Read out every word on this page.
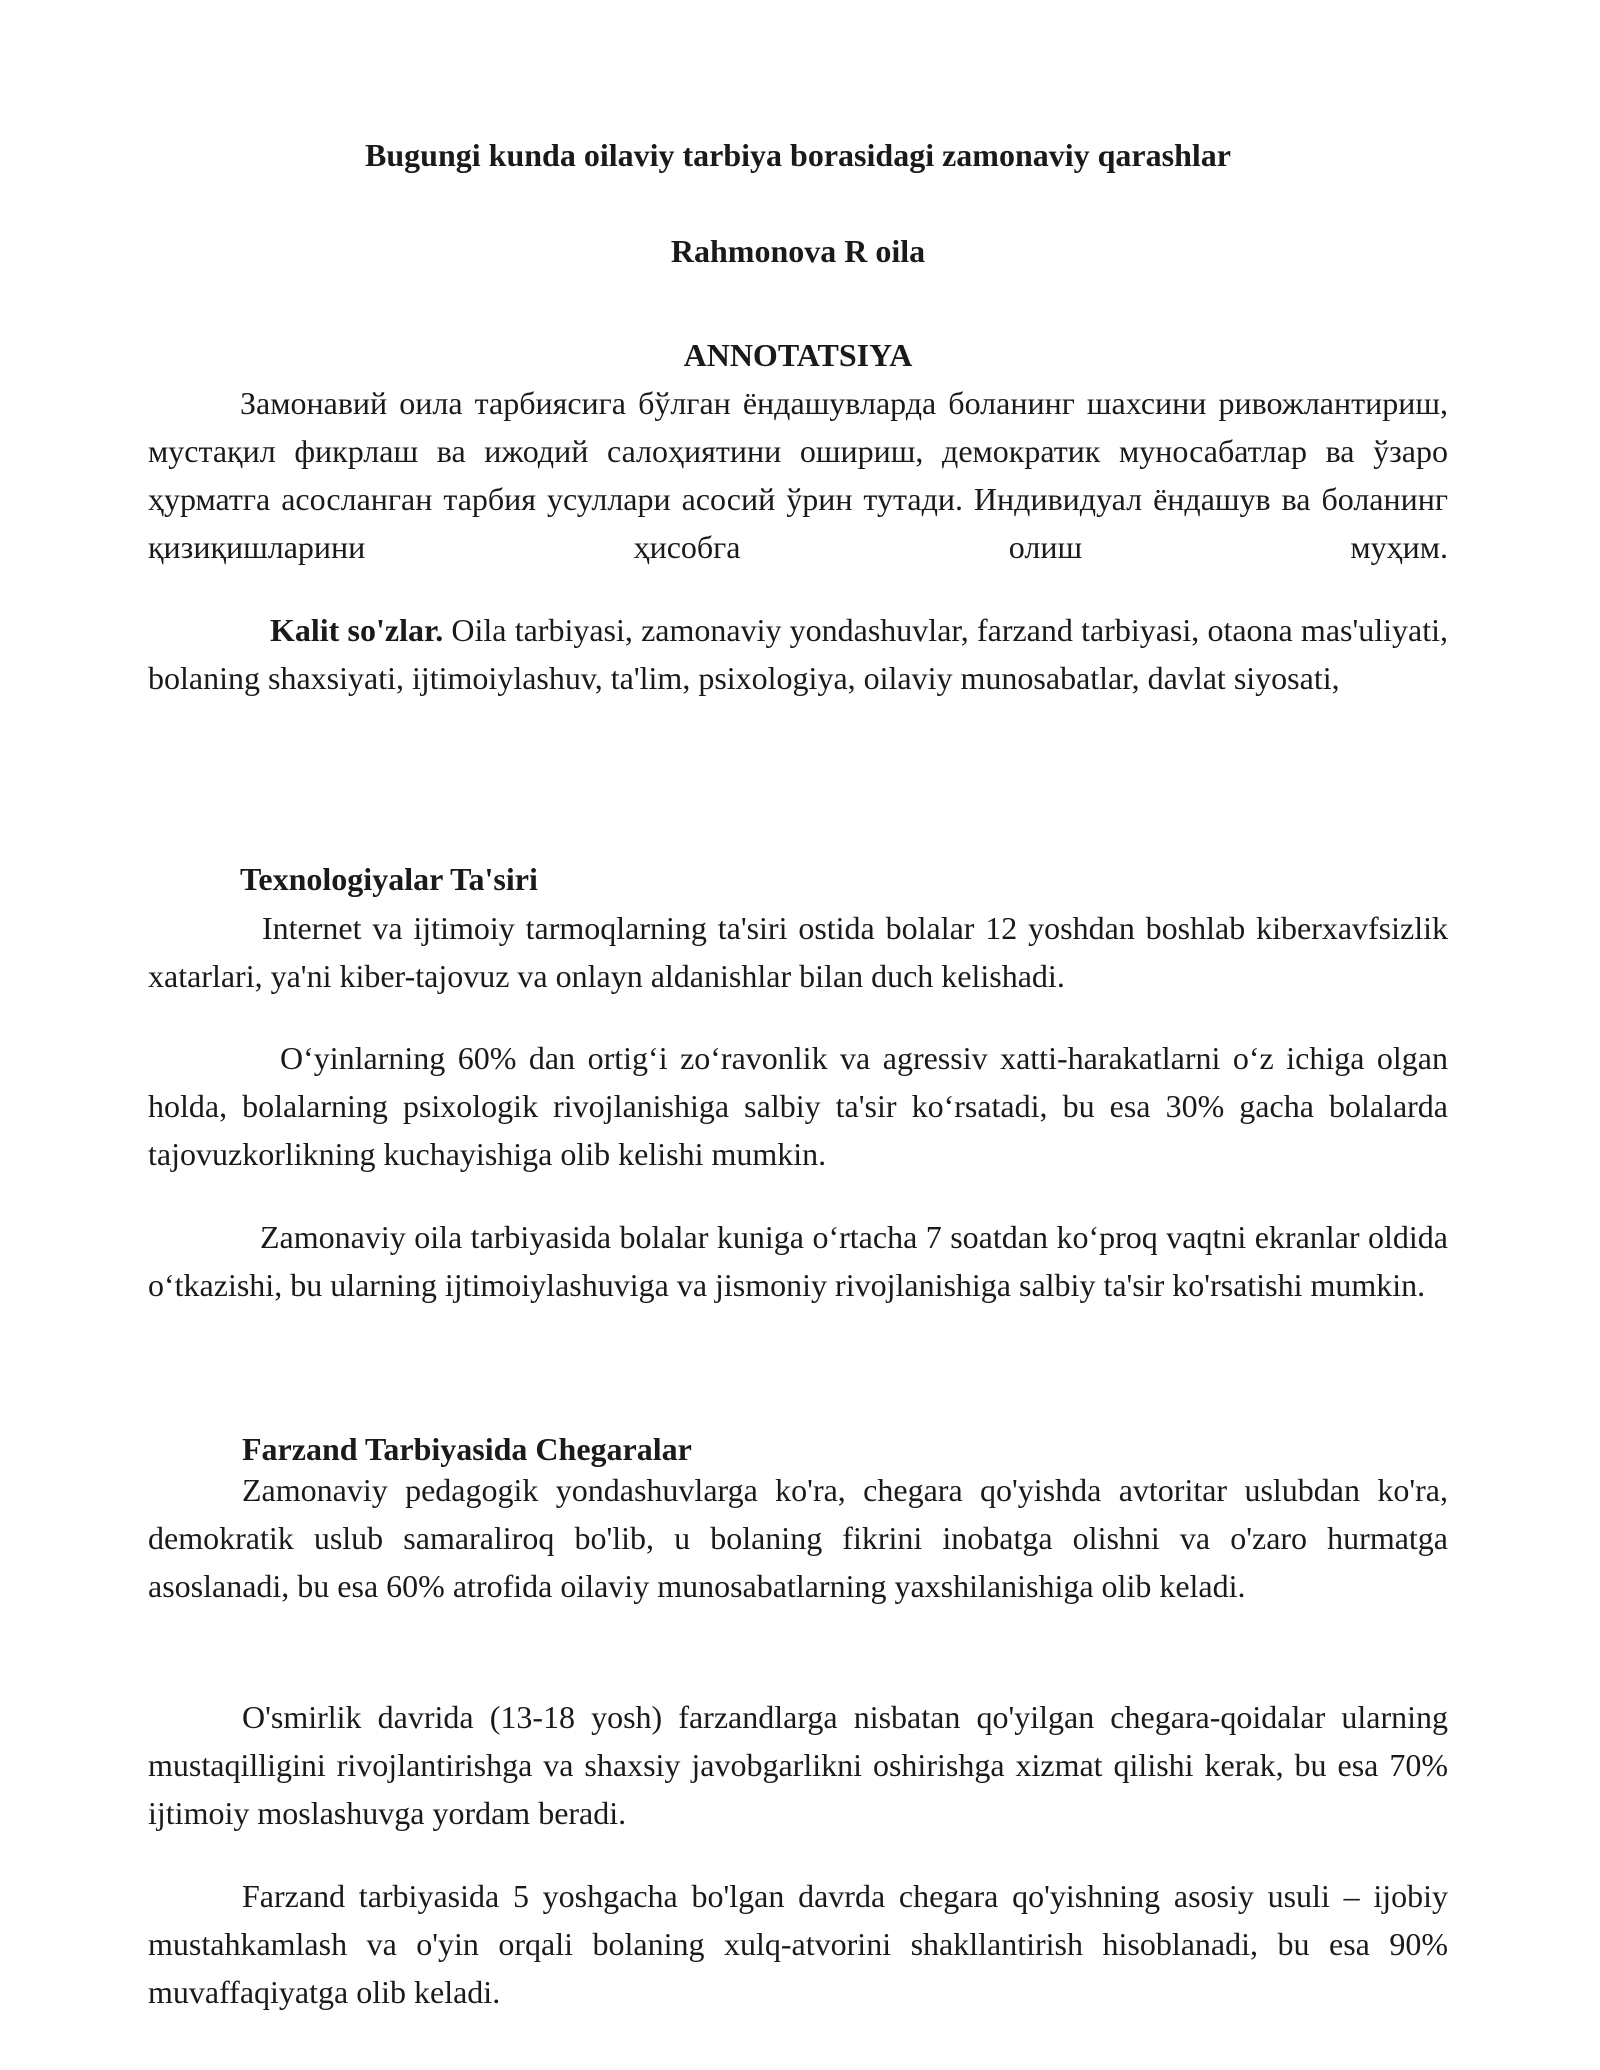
Bugungi kunda oilaviy tarbiya borasidagi zamonaviy qarashlar

Rahmonova R oila

ANNOTATSIYA

Замонавий оила тарбиясига бўлган ёндашувларда боланинг шахсини ривожлантириш, мустақил фикрлаш ва ижодий салоҳиятини ошириш, демократик муносабатлар ва ўзаро ҳурматга асосланган тарбия усуллари асосий ўрин тутади. Индивидуал ёндашув ва боланинг қизиқишларини ҳисобга олиш муҳим.

Kalit so'zlar. Oila tarbiyasi, zamonaviy yondashuvlar, farzand tarbiyasi, otaona mas'uliyati, bolaning shaxsiyati, ijtimoiylashuv, ta'lim, psixologiya, oilaviy munosabatlar, davlat siyosati,

Texnologiyalar Ta'siri

Internet va ijtimoiy tarmoqlarning ta'siri ostida bolalar 12 yoshdan boshlab kiberxavfsizlik xatarlari, ya'ni kiber-tajovuz va onlayn aldanishlar bilan duch kelishadi.

O‘yinlarning 60% dan ortig‘i zo‘ravonlik va agressiv xatti-harakatlarni o‘z ichiga olgan holda, bolalarning psixologik rivojlanishiga salbiy ta'sir ko‘rsatadi, bu esa 30% gacha bolalarda tajovuzkorlikning kuchayishiga olib kelishi mumkin.

Zamonaviy oila tarbiyasida bolalar kuniga o‘rtacha 7 soatdan ko‘proq vaqtni ekranlar oldida o‘tkazishi, bu ularning ijtimoiylashuviga va jismoniy rivojlanishiga salbiy ta'sir ko'rsatishi mumkin.

Farzand Tarbiyasida Chegaralar

Zamonaviy pedagogik yondashuvlarga ko'ra, chegara qo'yishda avtoritar uslubdan ko'ra, demokratik uslub samaraliroq bo'lib, u bolaning fikrini inobatga olishni va o'zaro hurmatga asoslanadi, bu esa 60% atrofida oilaviy munosabatlarning yaxshilanishiga olib keladi.

O'smirlik davrida (13-18 yosh) farzandlarga nisbatan qo'yilgan chegara-qoidalar ularning mustaqilligini rivojlantirishga va shaxsiy javobgarlikni oshirishga xizmat qilishi kerak, bu esa 70% ijtimoiy moslashuvga yordam beradi.

Farzand tarbiyasida 5 yoshgacha bo'lgan davrda chegara qo'yishning asosiy usuli – ijobiy mustahkamlash va o'yin orqali bolaning xulq-atvorini shakllantirish hisoblanadi, bu esa 90% muvaffaqiyatga olib keladi.
